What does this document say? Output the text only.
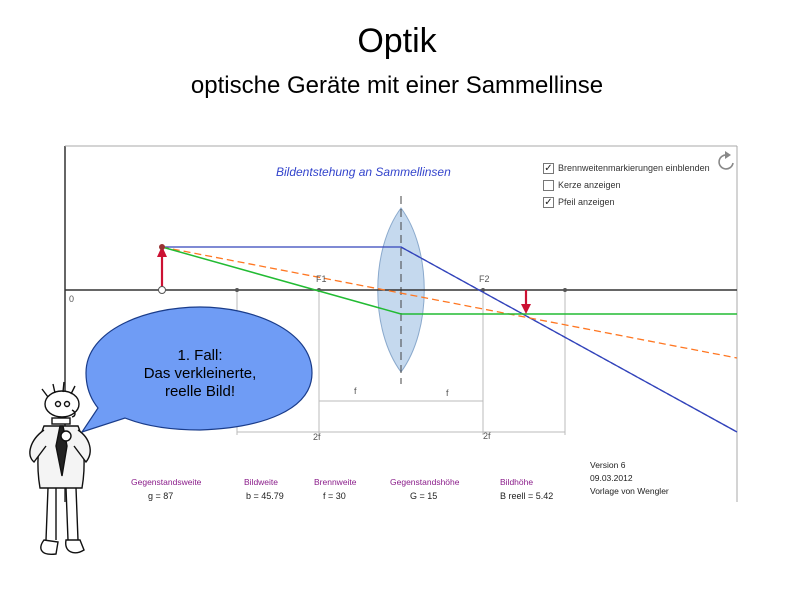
Optik
optische Geräte mit einer Sammellinse
Bildentstehung an Sammellinsen	✓ Brennweitenmarkierungen einblenden
Kerze anzeigen
✓ Pfeil anzeigen
0
F1	F2
f	f
2f	2f
1. Fall:
Das verkleinerte,
reelle Bild!
Gegenstandsweite
g = 87
Bildweite
b = 45.79
Brennweite
f = 30
Gegenstandshöhe
G = 15
Bildhöhe
B reell = 5.42
Version 6
09.03.2012
Vorlage von Wengler
